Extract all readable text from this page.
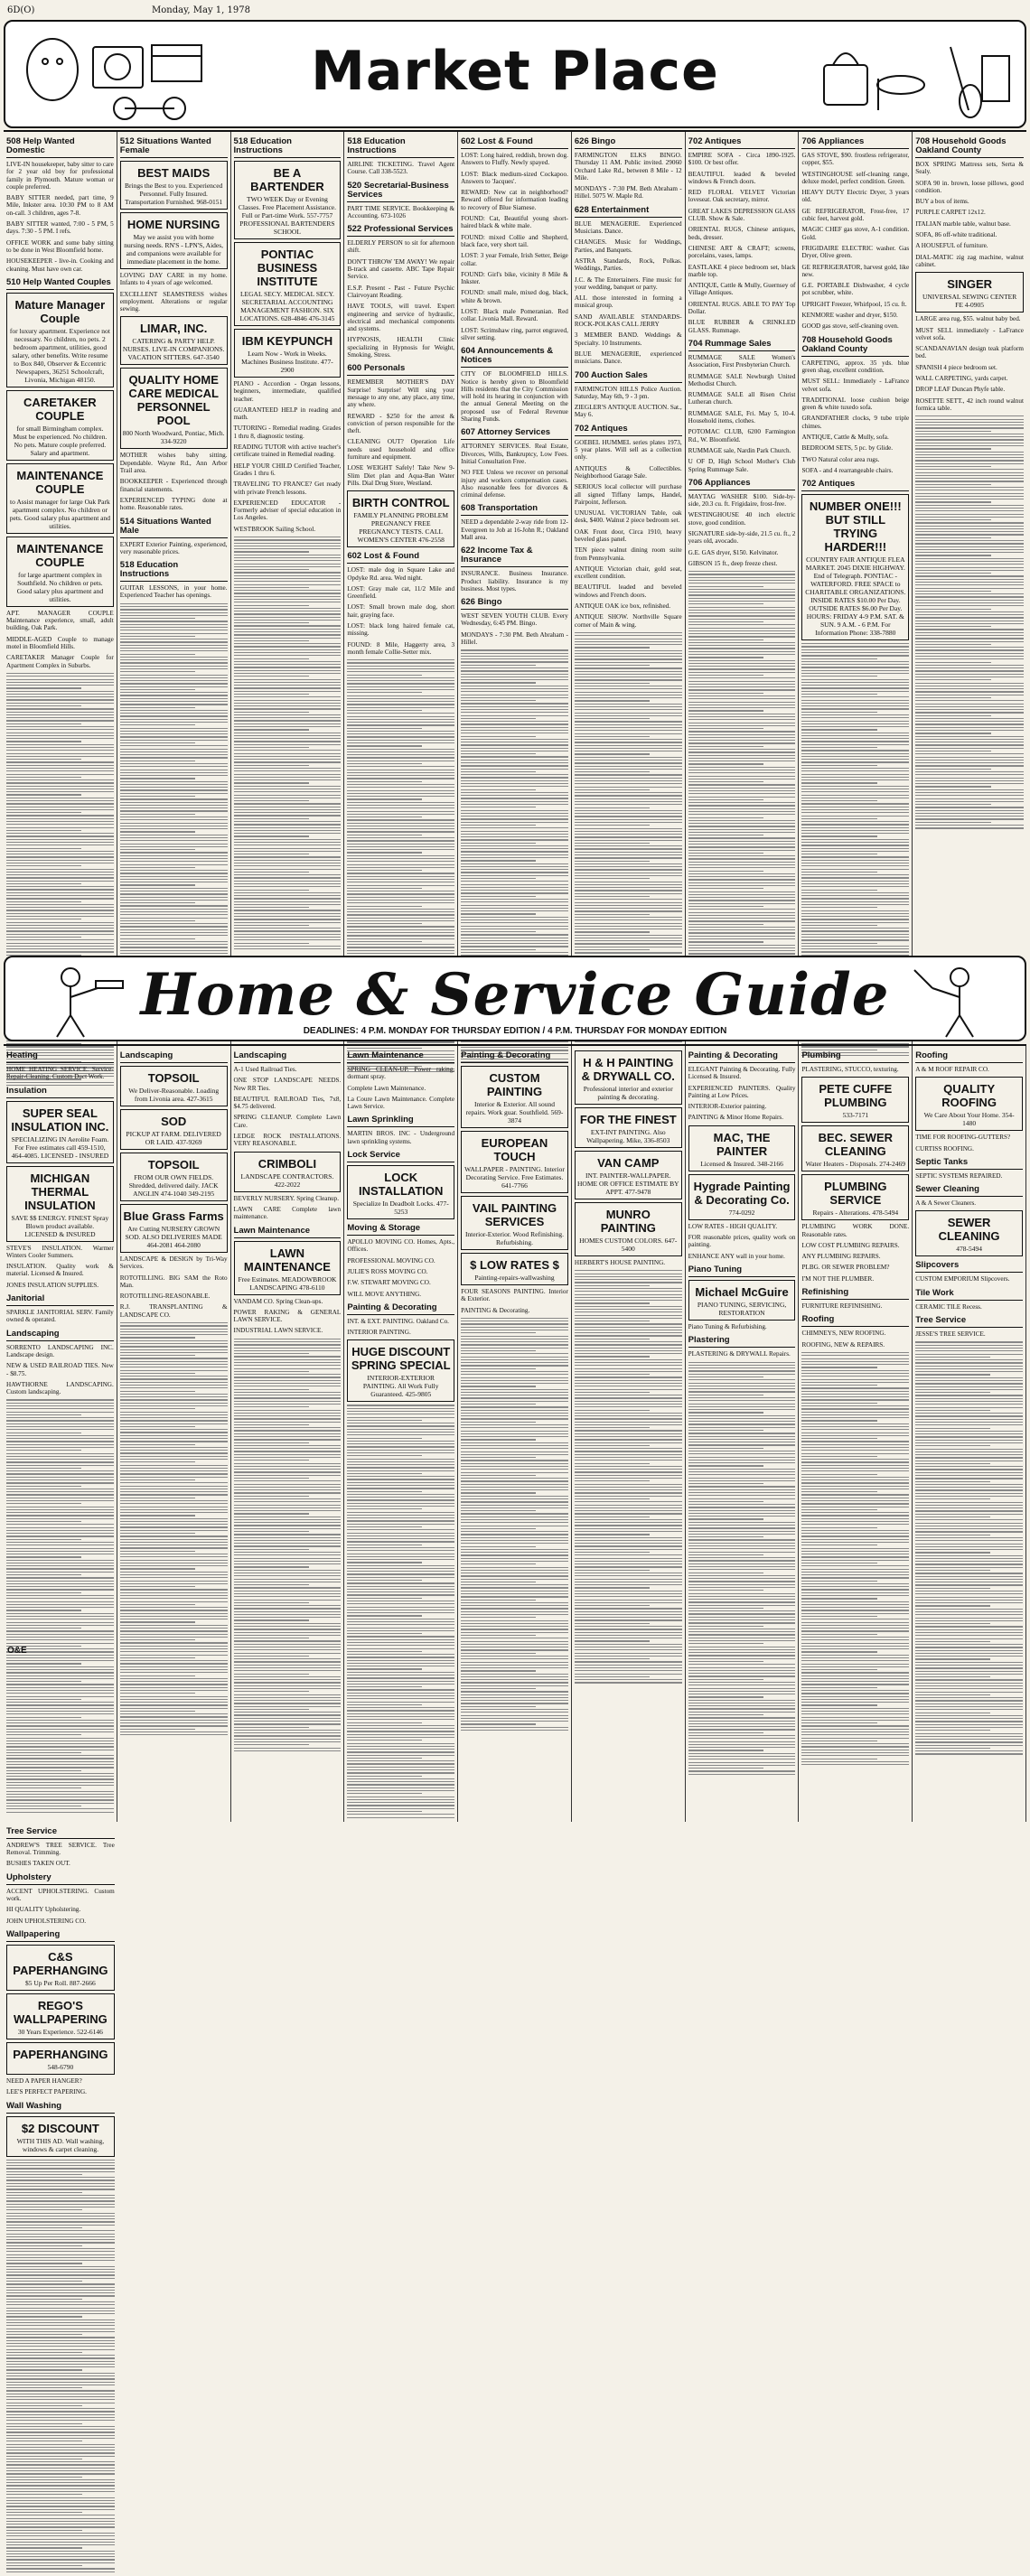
6D(O)	Monday, May 1, 1978
Market Place
508 Help Wanted Domestic
LIVE-IN housekeeper, baby sitter to care for 2 year old boy for professional family in Plymouth. Mature woman or couple preferred.
BABY SITTER needed, part time, 9 Mile, Inkster area. 10:30 PM to 8 AM on-call. 3 children, ages 7-8.
BABY SITTER wanted, 7:00 - 5 PM, 5 days. 7:30 - 5 PM. I refs.
OFFICE WORK and some baby sitting to be done in West Bloomfield home.
HOUSEKEEPER - live-in. Cooking and cleaning. Must have own car.
510 Help Wanted Couples
Mature Manager Couple
for luxury apartment. Experience not necessary. No children, no pets. 2 bedroom apartment, utilities, good salary, other benefits. Write resume to Box 840, Observer & Eccentric Newspapers, 36251 Schoolcraft, Livonia, Michigan 48150.
CARETAKER COUPLE
for small Birmingham complex. Must be experienced. No children. No pets. Mature couple preferred. Salary and apartment.
MAINTENANCE COUPLE
to Assist manager for large Oak Park apartment complex. No children or pets. Good salary plus apartment and utilities.
MAINTENANCE COUPLE
for large apartment complex in Southfield. No children or pets. Good salary plus apartment and utilities.
APT. MANAGER COUPLE Maintenance experience, small, adult building, Oak Park.
MIDDLE-AGED Couple to manage motel in Bloomfield Hills.
CARETAKER Manager Couple for Apartment Complex in Suburbs.
512 Situations Wanted Female
BEST MAIDS
Brings the Best to you. Experienced Personnel. Fully Insured. Transportation Furnished. 968-0151
HOME NURSING
May we assist you with home nursing needs. RN'S - LPN'S, Aides, and companions were available for immediate placement in the home.
LOVING DAY CARE in my home. Infants to 4 years of age welcomed.
EXCELLENT SEAMSTRESS wishes employment. Alterations or regular sewing.
LIMAR, INC.
CATERING & PARTY HELP. NURSES. LIVE-IN COMPANIONS. VACATION SITTERS. 647-3540
QUALITY HOME CARE MEDICAL PERSONNEL POOL
800 North Woodward, Pontiac, Mich. 334-9220
MOTHER wishes baby sitting. Dependable. Wayne Rd., Ann Arbor Trail area.
BOOKKEEPER - Experienced through financial statements.
EXPERIENCED TYPING done at home. Reasonable rates.
514 Situations Wanted Male
EXPERT Exterior Painting, experienced, very reasonable prices.
518 Education Instructions
GUITAR LESSONS, in your home. Experienced Teacher has openings.
518 Education Instructions
BE A BARTENDER
TWO WEEK Day or Evening Classes. Free Placement Assistance. Full or Part-time Work. 557-7757 PROFESSIONAL BARTENDERS SCHOOL
PONTIAC BUSINESS INSTITUTE
LEGAL SECY. MEDICAL SECY. SECRETARIAL ACCOUNTING MANAGEMENT FASHION. SIX LOCATIONS. 628-4846 476-3145
IBM KEYPUNCH
Learn Now - Work in Weeks. Machines Business Institute. 477-2900
PIANO - Accordion - Organ lessons, beginners, intermediate, qualified teacher.
GUARANTEED HELP in reading and math.
TUTORING - Remedial reading. Grades 1 thru 8, diagnostic testing.
READING TUTOR with active teacher's certificate trained in Remedial reading.
HELP YOUR CHILD Certified Teacher, Grades 1 thru 6.
TRAVELING TO FRANCE? Get ready with private French lessons.
EXPERIENCED EDUCATOR - Formerly adviser of special education in Los Angeles.
WESTBROOK Sailing School.
518 Education Instructions
AIRLINE TICKETING. Travel Agent Course. Call 338-5523.
520 Secretarial-Business Services
PART TIME SERVICE. Bookkeeping & Accounting. 673-1026
522 Professional Services
ELDERLY PERSON to sit for afternoon shift.
DON'T THROW 'EM AWAY! We repair B-track and cassette. ABC Tape Repair Service.
E.S.P. Present - Past - Future Psychic Clairvoyant Reading.
HAVE TOOLS, will travel. Expert engineering and service of hydraulic, electrical and mechanical components and systems.
HYPNOSIS, HEALTH Clinic specializing in Hypnosis for Weight, Smoking, Stress.
600 Personals
REMEMBER MOTHER'S DAY Surprise! Surprise! Will sing your message to any one, any place, any time, any where.
REWARD - $250 for the arrest & conviction of person responsible for the theft.
CLEANING OUT? Operation Life needs used household and office furniture and equipment.
LOSE WEIGHT Safely! Take New 9-Slim Diet plan and Aqua-Ban Water Pills. Dial Drug Store, Westland.
BIRTH CONTROL
FAMILY PLANNING PROBLEM PREGNANCY FREE PREGNANCY TESTS. CALL WOMEN'S CENTER 476-2558
602 Lost & Found
LOST: male dog in Square Lake and Opdyke Rd. area. Wed night.
LOST: Gray male cat, 11/2 Mile and Greenfield.
LOST: Small brown male dog, short hair, graying face.
LOST: black long haired female cat, missing.
FOUND: 8 Mile, Haggerty area, 3 month female Collie-Setter mix.
602 Lost & Found
LOST: Long haired, reddish, brown dog. Answers to Fluffy. Newly spayed.
LOST: Black medium-sized Cockapoo. Answers to 'Jacques'.
REWARD: New cat in neighborhood? Reward offered for information leading to recovery of Blue Siamese.
FOUND: Cat, Beautiful young short-haired black & white male.
FOUND: mixed Collie and Shepherd, black face, very short tail.
LOST: 3 year Female, Irish Setter, Beige collar.
FOUND: Girl's bike, vicinity 8 Mile & Inkster.
FOUND: small male, mixed dog, black, white & brown.
LOST: Black male Pomeranian. Red collar. Livonia Mall. Reward.
LOST: Scrimshaw ring, parrot engraved, silver setting.
604 Announcements & Notices
CITY OF BLOOMFIELD HILLS. Notice is hereby given to Bloomfield Hills residents that the City Commission will hold its hearing in conjunction with the annual General Meeting on the proposed use of Federal Revenue Sharing Funds.
607 Attorney Services
ATTORNEY SERVICES. Real Estate, Divorces, Wills, Bankruptcy, Low Fees. Initial Consultation Free.
NO FEE Unless we recover on personal injury and workers compensation cases. Also reasonable fees for divorces & criminal defense.
608 Transportation
NEED a dependable 2-way ride from 12-Evergreen to Job at 16-John R.; Oakland Mall area.
622 Income Tax & Insurance
INSURANCE. Business Insurance. Product liability. Insurance is my business. Most types.
626 Bingo
WEST SEVEN YOUTH CLUB. Every Wednesday, 6:45 PM. Bingo.
MONDAYS - 7:30 PM. Beth Abraham - Hillel.
626 Bingo
FARMINGTON ELKS BINGO. Thursday 11 AM. Public invited. 29060 Orchard Lake Rd., between 8 Mile - 12 Mile.
MONDAYS - 7:30 PM. Beth Abraham - Hillel. 5075 W. Maple Rd.
628 Entertainment
BLUE MENAGERIE. Experienced Musicians. Dance.
CHANGES. Music for Weddings, Parties, and Banquets.
ASTRA Standards, Rock, Polkas. Weddings, Parties.
J.C. & The Entertainers. Fine music for your wedding, banquet or party.
ALL those interested in forming a musical group.
SAND AVAILABLE STANDARDS-ROCK-POLKAS CALL JERRY
3 MEMBER BAND. Weddings & Specialty. 10 Instruments.
BLUE MENAGERIE, experienced musicians. Dance.
700 Auction Sales
FARMINGTON HILLS Police Auction. Saturday, May 6th, 9 - 3 pm.
ZIEGLER'S ANTIQUE AUCTION. Sat., May 6.
702 Antiques
GOEBEL HUMMEL series plates 1973, 5 year plates. Will sell as a collection only.
ANTIQUES & Collectibles. Neighborhood Garage Sale.
SERIOUS local collector will purchase all signed Tiffany lamps, Handel, Pairpoint, Jefferson.
UNUSUAL VICTORIAN Table, oak desk, $400. Walnut 2 piece bedroom set.
OAK Front door, Circa 1910, heavy beveled glass panel.
TEN piece walnut dining room suite from Pennsylvania.
ANTIQUE Victorian chair, gold seat, excellent condition.
BEAUTIFUL leaded and beveled windows and French doors.
ANTIQUE OAK ice box, refinished.
ANTIQUE SHOW. Northville Square corner of Main & wing.
702 Antiques
EMPIRE SOFA - Circa 1890-1925. $100. Or best offer.
BEAUTIFUL leaded & beveled windows & French doors.
RED FLORAL VELVET Victorian loveseat. Oak secretary, mirror.
GREAT LAKES DEPRESSION GLASS CLUB. Show & Sale.
ORIENTAL RUGS, Chinese antiques, beds, dresser.
CHINESE ART & CRAFT; screens, porcelains, vases, lamps.
EASTLAKE 4 piece bedroom set, black marble top.
ANTIQUE, Cattle & Mully, Guernsey of Village Antiques.
ORIENTAL RUGS. ABLE TO PAY Top Dollar.
BLUE RUBBER & CRINKLED GLASS. Rummage.
704 Rummage Sales
RUMMAGE SALE Women's Association, First Presbyterian Church.
RUMMAGE SALE Newburgh United Methodist Church.
RUMMAGE SALE all Risen Christ Lutheran church.
RUMMAGE SALE, Fri. May 5, 10-4. Household items, clothes.
POTOMAC CLUB, 6200 Farmington Rd., W. Bloomfield.
RUMMAGE sale, Nardin Park Church.
U OF D, High School Mother's Club Spring Rummage Sale.
706 Appliances
MAYTAG WASHER $100. Side-by-side, 20.3 cu. ft. Frigidaire, frost-free.
WESTINGHOUSE 40 inch electric stove, good condition.
SIGNATURE side-by-side, 21.5 cu. ft., 2 years old, avocado.
G.E. GAS dryer, $150. Kelvinator.
GIBSON 15 ft., deep freeze chest.
706 Appliances
GAS STOVE, $90. frostless refrigerator, copper, $55.
WESTINGHOUSE self-cleaning range, deluxe model, perfect condition. Green.
HEAVY DUTY Electric Dryer, 3 years old.
GE REFRIGERATOR, Frost-free, 17 cubic feet, harvest gold.
MAGIC CHEF gas stove, A-1 condition. Gold.
FRIGIDAIRE ELECTRIC washer. Gas Dryer, Olive green.
GE REFRIGERATOR, harvest gold, like new.
G.E. PORTABLE Dishwasher, 4 cycle pot scrubber, white.
UPRIGHT Freezer, Whirlpool, 15 cu. ft.
KENMORE washer and dryer, $150.
GOOD gas stove, self-cleaning oven.
708 Household Goods Oakland County
CARPETING, approx. 35 yds. blue green shag, excellent condition.
MUST SELL: Immediately - LaFrance velvet sofa.
TRADITIONAL loose cushion beige green & white tuxedo sofa.
GRANDFATHER clocks, 9 tube triple chimes.
ANTIQUE, Cattle & Mully, sofa.
BEDROOM SETS, 5 pc. by Glide.
TWO Natural color area rugs.
SOFA - and 4 rearrangeable chairs.
702 Antiques
NUMBER ONE!!! BUT STILL TRYING HARDER!!!
COUNTRY FAIR ANTIQUE FLEA MARKET. 2045 DIXIE HIGHWAY. End of Telegraph. PONTIAC - WATERFORD. FREE SPACE to CHARITABLE ORGANIZATIONS. INSIDE RATES $10.00 Per Day. OUTSIDE RATES $6.00 Per Day. HOURS: FRIDAY 4-9 P.M. SAT. & SUN. 9 A.M. - 6 P.M. For Information Phone: 338-7880
708 Household Goods Oakland County
BOX SPRING Mattress sets, Serta & Sealy.
SOFA 90 in. brown, loose pillows, good condition.
BUY a box of items.
PURPLE CARPET 12x12.
ITALIAN marble table, walnut base.
SOFA, 86 off-white traditional.
A HOUSEFUL of furniture.
DIAL-MATIC zig zag machine, walnut cabinet.
SINGER
UNIVERSAL SEWING CENTER FE 4-0905
LARGE area rug, $55. walnut baby bed.
MUST SELL immediately - LaFrance velvet sofa.
SCANDANAVIAN design teak platform bed.
SPANISH 4 piece bedroom set.
WALL CARPETING, yards carpet.
DROP LEAF Duncan Phyfe table.
ROSETTE SETT., 42 inch round walnut formica table.
Home & Service Guide
DEADLINES: 4 P.M. MONDAY FOR THURSDAY EDITION / 4 P.M. THURSDAY FOR MONDAY EDITION
Heating
HOME HEATING SERVICE. Service-Repair-Cleaning. Custom Duct Work.
Insulation
SUPER SEAL INSULATION INC.
SPECIALIZING IN Aerolite Foam. For Free estimates call 459-1510, 464-4085. LICENSED - INSURED
MICHIGAN THERMAL INSULATION
SAVE $$ ENERGY. FINEST Spray Blown product available. LICENSED & INSURED
STEVE'S INSULATION. Warmer Winters Cooler Summers.
INSULATION. Quality work & material. Licensed & Insured.
JONES INSULATION SUPPLIES.
Janitorial
SPARKLE JANITORIAL SERV. Family owned & operated.
Landscaping
SORRENTO LANDSCAPING INC. Landscape design.
NEW & USED RAILROAD TIES. New - $8.75.
HAWTHORNE LANDSCAPING. Custom landscaping.
Landscaping
TOPSOIL
We Deliver-Reasonable. Loading from Livonia area. 427-3615
SOD
PICKUP AT FARM. DELIVERED OR LAID. 437-9269
TOPSOIL
FROM OUR OWN FIELDS. Shredded, delivered daily. JACK ANGLIN 474-1040 349-2195
Blue Grass Farms
Are Cutting NURSERY GROWN SOD. ALSO DELIVERIES MADE 464-2081 464-2080
LANDSCAPE & DESIGN by Tri-Way Services.
ROTOTILLING. BIG SAM the Roto Man.
ROTOTILLING-REASONABLE.
R.J. TRANSPLANTING & LANDSCAPE CO.
Landscaping
A-1 Used Railroad Ties.
ONE STOP LANDSCAPE NEEDS. New RR Ties.
BEAUTIFUL RAILROAD Ties, 7x8, $4.75 delivered.
SPRING CLEANUP. Complete Lawn Care.
LEDGE ROCK INSTALLATIONS. VERY REASONABLE.
CRIMBOLI
LANDSCAPE CONTRACTORS. 422-2022
BEVERLY NURSERY. Spring Cleanup.
LAWN CARE Complete lawn maintenance.
Lawn Maintenance
LAWN MAINTENANCE
Free Estimates. MEADOWBROOK LANDSCAPING 478-6110
VANDAM CO. Spring Clean-ups.
POWER RAKING & GENERAL LAWN SERVICE.
INDUSTRIAL LAWN SERVICE.
Lawn Maintenance
SPRING CLEAN-UP. Power raking, dormant spray.
Complete Lawn Maintenance.
La Coure Lawn Maintenance. Complete Lawn Service.
Lawn Sprinkling
MARTIN BROS. INC - Underground lawn sprinkling systems.
Lock Service
LOCK INSTALLATION
Specialize In Deadbolt Locks. 477-5253
Moving & Storage
APOLLO MOVING CO. Homes, Apts., Offices.
PROFESSIONAL MOVING CO.
JULIE'S ROSS MOVING CO.
F.W. STEWART MOVING CO.
WILL MOVE ANYTHING.
Painting & Decorating
INT. & EXT. PAINTING. Oakland Co.
INTERIOR PAINTING.
HUGE DISCOUNT SPRING SPECIAL
INTERIOR-EXTERIOR PAINTING. All Work Fully Guaranteed. 425-9805
Painting & Decorating
CUSTOM PAINTING
Interior & Exterior. All sound repairs. Work guar. Southfield. 569-3874
EUROPEAN TOUCH
WALLPAPER - PAINTING. Interior Decorating Service. Free Estimates. 641-7766
VAIL PAINTING SERVICES
Interior-Exterior. Wood Refinishing. Refurbishing.
$ LOW RATES $
Painting-repairs-wallwashing
FOUR SEASONS PAINTING. Interior & Exterior.
PAINTING & Decorating.
H & H PAINTING & DRYWALL CO.
Professional interior and exterior painting & decorating.
FOR THE FINEST
EXT-INT PAINTING. Also Wallpapering. Mike, 336-8503
VAN CAMP
INT. PAINTER-WALLPAPER. HOME OR OFFICE ESTIMATE BY APPT. 477-9478
MUNRO PAINTING
HOMES CUSTOM COLORS. 647-5400
HERBERT'S HOUSE PAINTING.
Painting & Decorating
ELEGANT Painting & Decorating. Fully Licensed & Insured.
EXPERIENCED PAINTERS. Quality Painting at Low Prices.
INTERIOR-Exterior painting.
PAINTING & Minor Home Repairs.
MAC, THE PAINTER
Licensed & Insured. 348-2166
Hygrade Painting & Decorating Co.
774-0292
LOW RATES - HIGH QUALITY.
FOR reasonable prices, quality work on painting.
ENHANCE ANY wall in your home.
Piano Tuning
Michael McGuire
PIANO TUNING, SERVICING, RESTORATION
Piano Tuning & Refurbishing.
Plastering
PLASTERING & DRYWALL Repairs.
Plumbing
PLASTERING, STUCCO, texturing.
PETE CUFFE PLUMBING
533-7171
BEC. SEWER CLEANING
Water Heaters - Disposals. 274-2469
PLUMBING SERVICE
Repairs - Alterations. 478-5494
PLUMBING WORK DONE. Reasonable rates.
LOW COST PLUMBING REPAIRS.
ANY PLUMBING REPAIRS.
PLBG. OR SEWER PROBLEM?
I'M NOT THE PLUMBER.
Refinishing
FURNITURE REFINISHING.
Roofing
CHIMNEYS, NEW ROOFING.
ROOFING, NEW & REPAIRS.
Roofing
A & M ROOF REPAIR CO.
QUALITY ROOFING
We Care About Your Home. 354-1480
TIME FOR ROOFING-GUTTERS?
CURTISS ROOFING.
Septic Tanks
SEPTIC SYSTEMS REPAIRED.
Sewer Cleaning
A & A Sewer Cleaners.
SEWER CLEANING
478-5494
Slipcovers
CUSTOM EMPORIUM Slipcovers.
Tile Work
CERAMIC TILE Recess.
Tree Service
JESSE'S TREE SERVICE.
Tree Service
ANDREW'S TREE SERVICE. Tree Removal. Trimming.
BUSHES TAKEN OUT.
Upholstery
ACCENT UPHOLSTERING. Custom work.
HI QUALITY Upholstering.
JOHN UPHOLSTERING CO.
Wallpapering
C&S PAPERHANGING
$5 Up Per Roll. 887-2666
REGO'S WALLPAPERING
30 Years Experience. 522-6146
PAPERHANGING
548-6790
NEED A PAPER HANGER?
LEE'S PERFECT PAPERING.
Wall Washing
$2 DISCOUNT
WITH THIS AD. Wall washing, windows & carpet cleaning.
O&E
